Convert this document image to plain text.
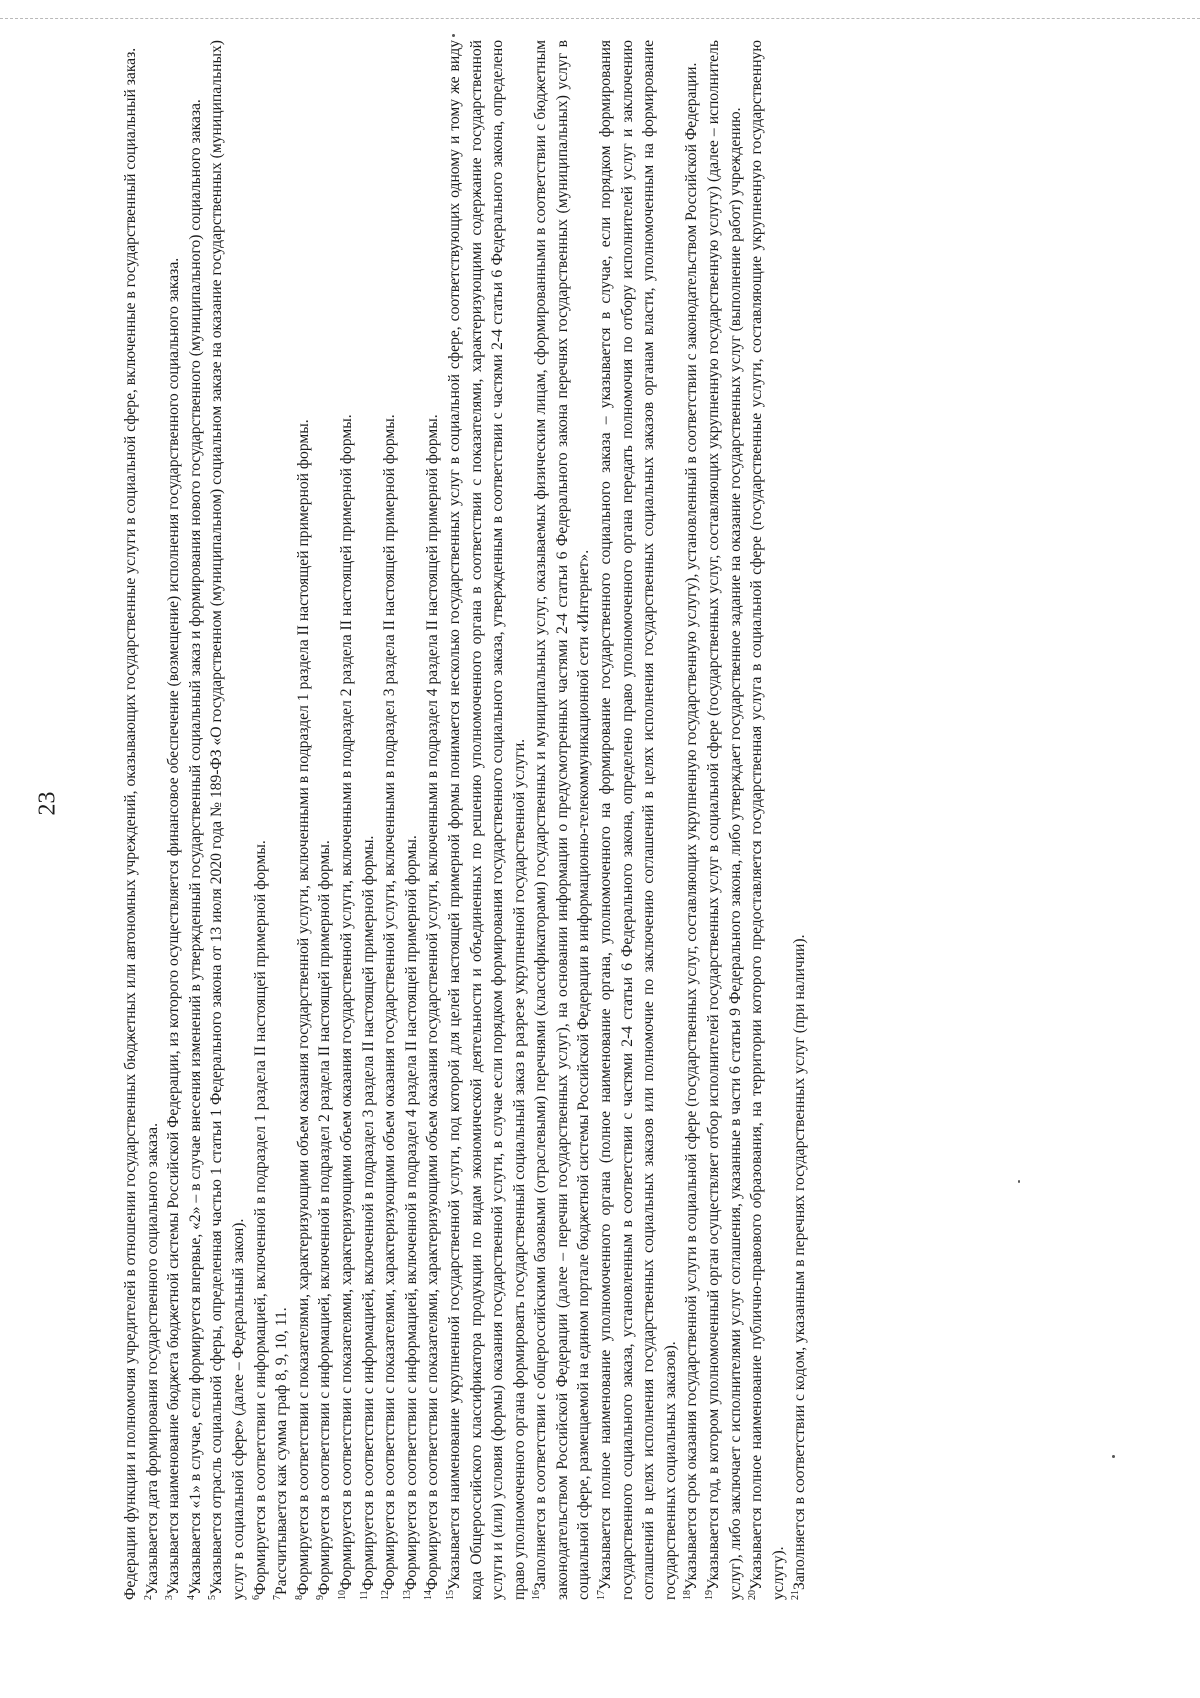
23	Федерации функции и полномочия учредителей в отношении государственных бюджетных или автономных учреждений, оказывающих государственные услуги в социальной сфере, включенные в государственный социальный заказ. $^2$Указывается дата формирования государственного социального заказа.

$^3$Указывается наименование бюджета бюджетной системы Российской Федерации, из которого осуществляется финансовое обеспечение (возмещение) исполнения государственного социального заказа.

$^4$Указывается «1» в случае, если формируется впервые, «2» – в случае внесения изменений в утвержденный государственный социальный заказ и формирования нового государственного (муниципального) социального заказа.

$^5$Указывается отрасль социальной сферы, определенная частью 1 статьи 1 Федерального закона от 13 июля 2020 года № 189-ФЗ «О государственном (муниципальном) социальном заказе на оказание государственных (муниципальных) услуг в социальной сфере» (далее – Федеральный закон). $^6$Формируется в соответствии с информацией, включенной в подраздел 1 раздела II настоящей примерной формы.

$^7$Рассчитывается как сумма граф 8, 9, 10, 11.

$^8$Формируется в соответствии с показателями, характеризующими объем оказания государственной услуги, включенными в подраздел 1 раздела II настоящей примерной формы.

$^9$Формируется в соответствии с информацией, включенной в подраздел 2 раздела II настоящей примерной формы. $^{10}$Формируется в соответствии с показателями, характеризующими объем оказания государственной услуги, включенными в подраздел 2 раздела II настоящей примерной формы.

$^{11}$Формируется в соответствии с информацией, включенной в подраздел 3 раздела II настоящей примерной формы.

$^{12}$Формируется в соответствии с показателями, характеризующими объем оказания государственной услуги, включенными в подраздел 3 раздела II настоящей примерной формы.

$^{13}$Формируется в соответствии с информацией, включенной в подраздел 4 раздела II настоящей примерной формы.

$^{14}$Формируется в соответствии с показателями, характеризующими объем оказания государственной услуги, включенными в подраздел 4 раздела II настоящей примерной формы.

$^{15}$Указывается наименование укрупненной государственной услуги, под которой для целей настоящей примерной формы понимается несколько государственных услуг в социальной сфере, соответствующих одному и тому же виду кода Общероссийского классификатора продукции по видам экономической деятельности и объединенных по решению уполномоченного органа в соответствии с показателями, характеризующими содержание государственной услуги и (или) условия (формы) оказания государственной услуги, в случае если порядком формирования государственного социального заказа, утвержденным в соответствии с частями 2-4 статьи 6 Федерального закона, определено право уполномоченного органа формировать государственный социальный заказ в разрезе укрупненной государственной услуги. $^{16}$Заполняется в соответствии с общероссийскими базовыми (отраслевыми) перечнями (классификаторами) государственных и муниципальных услуг, оказываемых физическим лицам, сформированными в соответствии с бюджетным законодательством Российской Федерации (далее – перечни государственных услуг), на основании информации о предусмотренных частями 2-4 статьи 6 Федерального закона перечнях государственных (муниципальных) услуг в социальной сфере, размещаемой на едином портале бюджетной системы Российской Федерации в информационно-телекоммуникационной сети «Интернет». $^{17}$Указывается полное наименование уполномоченного органа (полное наименование органа, уполномоченного на формирование государственного социального заказа – указывается в случае, если порядком формирования государственного социального заказа, установленным в соответствии с частями 2-4 статьи 6 Федерального закона, определено право уполномоченного органа передать полномочия по отбору исполнителей услуг и заключению соглашений в целях исполнения государственных социальных заказов или полномочие по заключению соглашений в целях исполнения государственных социальных заказов органам власти, уполномоченным на формирование государственных социальных заказов). $^{18}$Указывается срок оказания государственной услуги в социальной сфере (государственных услуг, составляющих укрупненную государственную услугу), установленный в соответствии с законодательством Российской Федерации.

$^{19}$Указывается год, в котором уполномоченный орган осуществляет отбор исполнителей государственных услуг в социальной сфере (государственных услуг, составляющих укрупненную государственную услугу) (далее – исполнитель услуг), либо заключает с исполнителями услуг соглашения, указанные в части 6 статьи 9 Федерального закона, либо утверждает государственное задание на оказание государственных услуг (выполнение работ) учреждению. $^{20}$Указывается полное наименование публично-правового образования, на территории которого предоставляется государственная услуга в социальной сфере (государственные услуги, составляющие укрупненную государственную услугу). $^{21}$Заполняется в соответствии с кодом, указанным в перечнях государственных услуг (при наличии).
